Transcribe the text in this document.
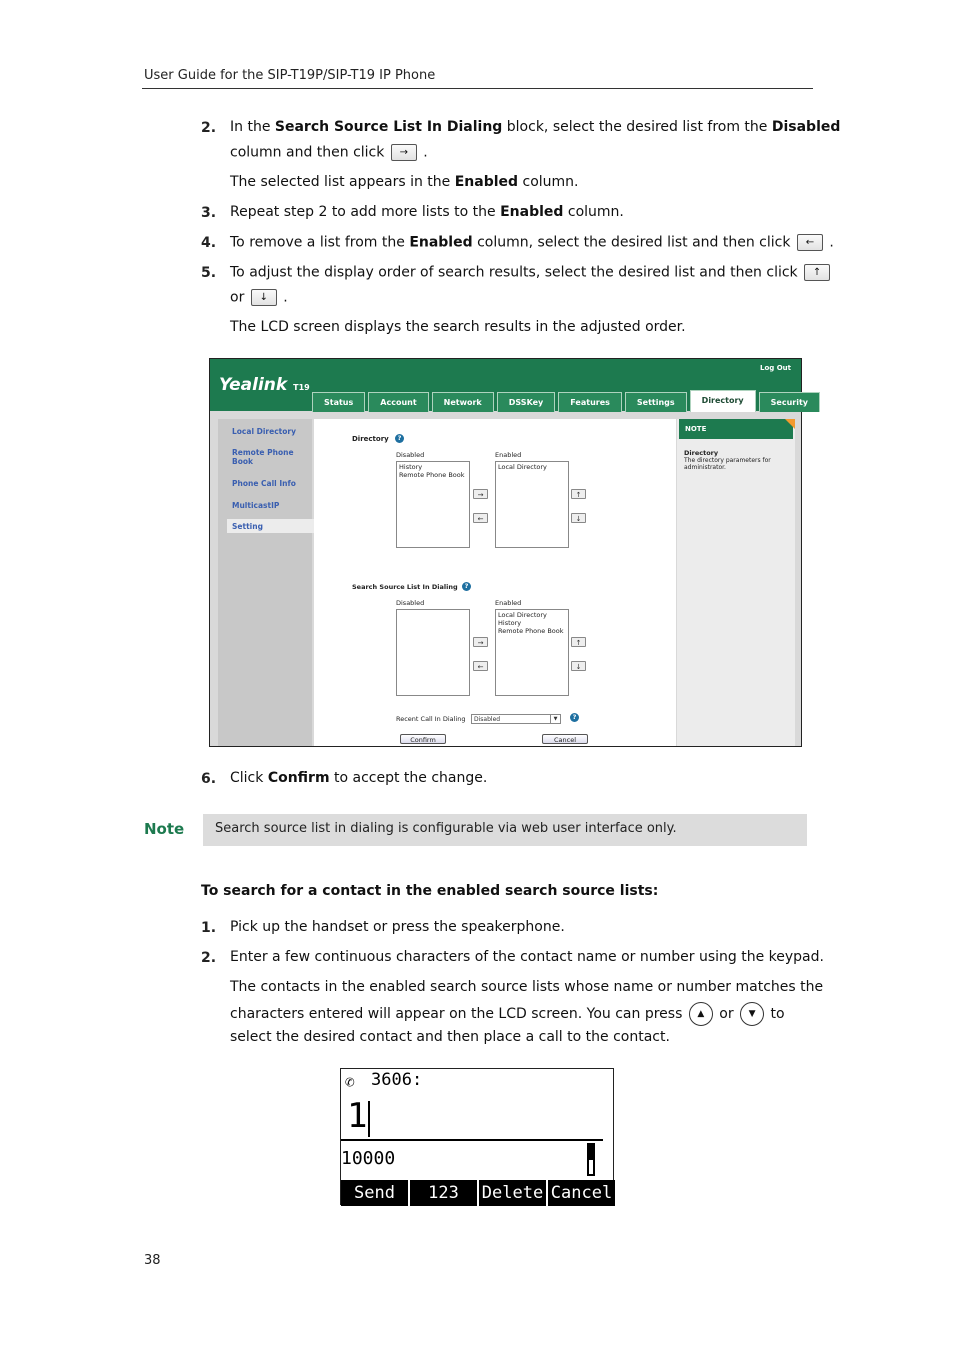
User Guide for the SIP-T19P/SIP-T19 IP Phone
2. In the Search Source List In Dialing block, select the desired list from the Disabled
column and then click → .
The selected list appears in the Enabled column.
3. Repeat step 2 to add more lists to the Enabled column.
4. To remove a list from the Enabled column, select the desired list and then click ← .
5. To adjust the display order of search results, select the desired list and then click ↑
or ↓ .
The LCD screen displays the search results in the adjusted order.
Yealink T19
Log Out
Status	Account	Network	DSSKey	Features	Settings	Directory	Security
Local Directory
Remote Phone Book
Phone Call Info
MulticastIP
Setting
Directory	?
Disabled	Enabled
History
Remote Phone Book
Local Directory
→
←
↑
↓
Search Source List In Dialing	?
Disabled	Enabled
Local Directory
History
Remote Phone Book
→
←
↑
↓
Recent Call In Dialing	Disabled	▼	?
Confirm	Cancel
NOTE
Directory
The directory parameters for administrator.
6. Click Confirm to accept the change.
Note	Search source list in dialing is configurable via web user interface only.
To search for a contact in the enabled search source lists:
1. Pick up the handset or press the speakerphone.
2. Enter a few continuous characters of the contact name or number using the keypad.
The contacts in the enabled search source lists whose name or number matches the
characters entered will appear on the LCD screen. You can press ▲ or ▼ to
select the desired contact and then place a call to the contact.
✆ 3606:
1
10000
Send	123	Delete Cancel
38
